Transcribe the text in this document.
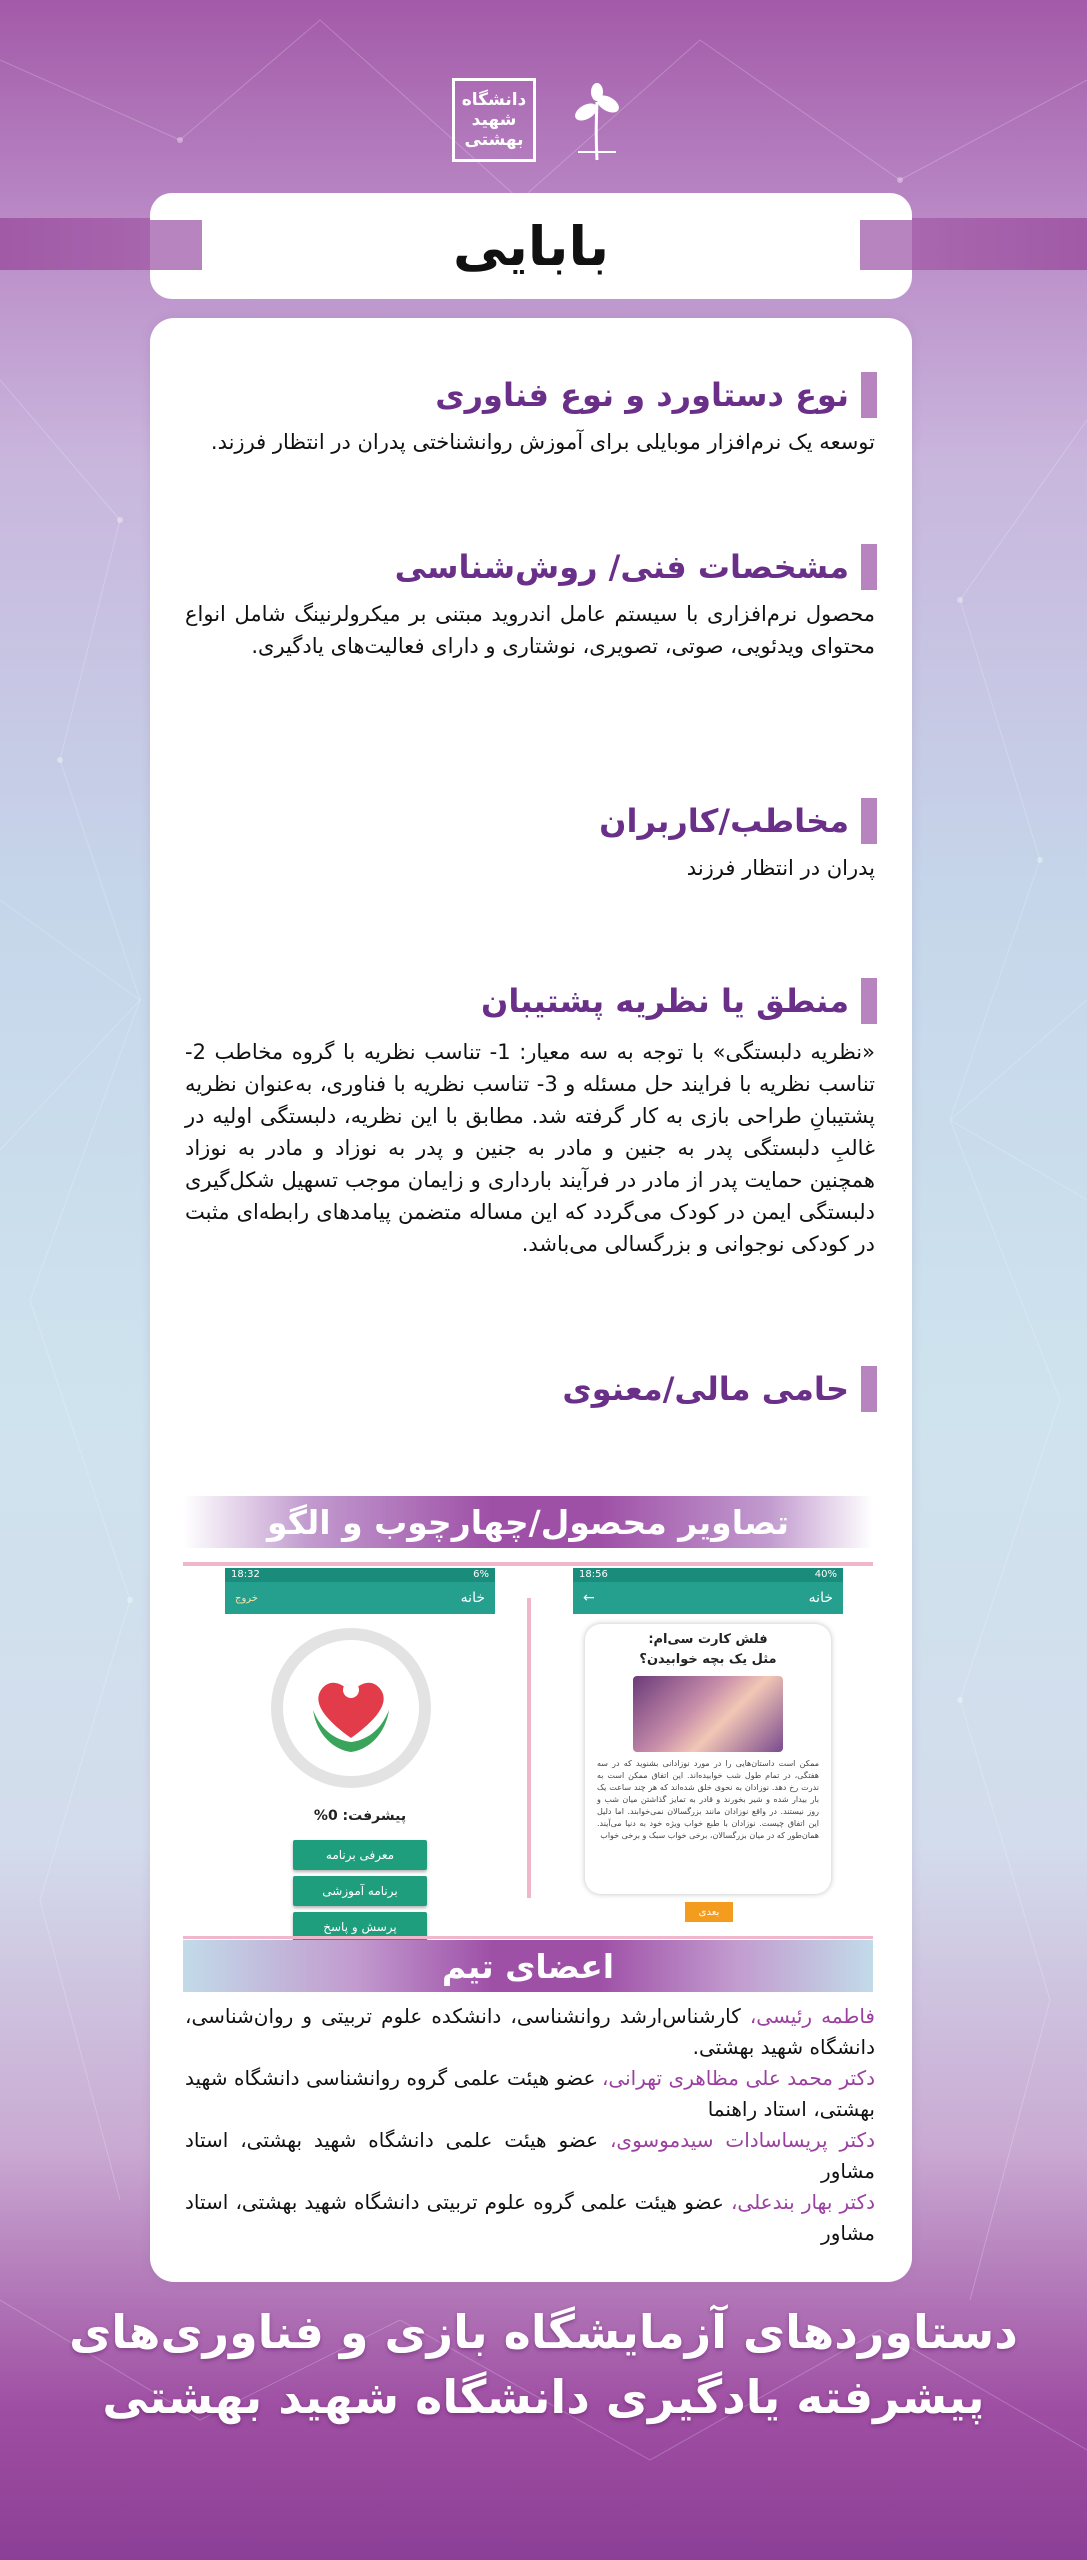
دانشگاه شهید بهشتی
بابایی
نوع دستاورد و نوع فناوری
توسعه یک نرم‌افزار موبایلی برای آموزش روانشناختی پدران در انتظار فرزند.
مشخصات فنی/ روش‌شناسی
محصول نرم‌افزاری با سیستم عامل اندروید مبتنی بر میکرولرنینگ شامل انواع محتوای ویدئویی، صوتی، تصویری، نوشتاری و دارای فعالیت‌های یادگیری.
مخاطب/کاربران
پدران در انتظار فرزند
منطق یا نظریه پشتیبان
«نظریه دلبستگی» با توجه به سه معیار: 1- تناسب نظریه با گروه مخاطب 2- تناسب نظریه با فرایند حل مسئله و 3- تناسب نظریه با فناوری، به‌عنوان نظریه پشتیبانِ طراحی بازی به کار گرفته شد. مطابق با این نظریه، دلبستگی اولیه در غالبِ دلبستگی پدر به جنین و مادر به جنین و پدر به نوزاد و مادر به نوزاد همچنین حمایت پدر از مادر در فرآیند بارداری و زایمان موجب تسهیل شکل‌گیری دلبستگی ایمن در کودک می‌گردد که این مساله متضمن پیامدهای رابطه‌ای مثبت در کودکی نوجوانی و بزرگسالی می‌باشد.
حامی مالی/معنوی
تصاویر محصول/چهارچوب و الگو
6%
18:32
خانه
خروج
پیشرفت: 0%
معرفی برنامه
برنامه آموزشی
پرسش و پاسخ
40%
18:56
خانه
←
فلش کارت سی‌ام:
مثل یک بچه خوابیدن؟
ممکن است داستان‌هایی را در مورد نوزادانی بشنوید که در سه هفتگی، در تمام طول شب خوابیده‌اند. این اتفاق ممکن است به ندرت رخ دهد. نوزادان به نحوی خلق شده‌اند که هر چند ساعت یک بار بیدار شده و شیر بخورند و قادر به تمایز گذاشتن میان شب و روز نیستند. در واقع نوزادان مانند بزرگسالان نمی‌خوابند. اما دلیل این اتفاق چیست. نوزادان با طبع خواب ویژه خود به دنیا می‌آیند. همان‌طور که در میان بزرگسالان، برخی خواب سبک و برخی خواب
بعدی
اعضای تیم
فاطمه رئیسی، کارشناس‌ارشد روانشناسی، دانشکده علوم تربیتی و روان‌شناسی، دانشگاه شهید بهشتی.
دکتر محمد علی مظاهری تهرانی، عضو هیئت علمی گروه روانشناسی دانشگاه شهید بهشتی، استاد راهنما
دکتر پریساسادات سیدموسوی، عضو هیئت علمی دانشگاه شهید بهشتی، استاد مشاور
دکتر بهار بندعلی، عضو هیئت علمی گروه علوم تربیتی دانشگاه شهید بهشتی، استاد مشاور
دستاوردهای آزمایشگاه بازی و فناوری‌های
پیشرفته یادگیری دانشگاه شهید بهشتی
